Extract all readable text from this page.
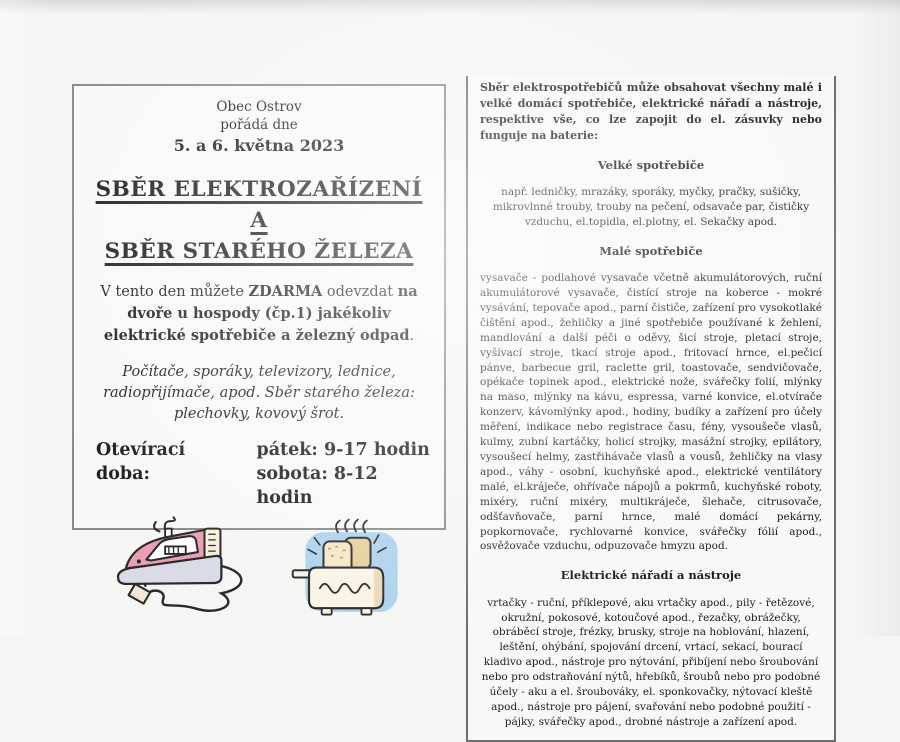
Obec Ostrov
pořádá dne
5. a 6. května 2023
SBĚR ELEKTROZAŘÍZENÍ A
SBĚR STARÉHO ŽELEZA

V tento den můžete ZDARMA odevzdat na dvoře u hospody (čp.1) jakékoliv elektrické spotřebiče a železný odpad.

Počítače, sporáky, televizory, lednice, radiopřijímače, apod. Sběr starého železa: plechovky, kovový šrot.

Otevírací doba:
pátek: 9-17 hodin
sobota: 8-12 hodin

Sběr elektrospotřebičů může obsahovat všechny malé i velké domácí spotřebiče, elektrické nářadí a nástroje, respektive vše, co lze zapojit do el. zásuvky nebo funguje na baterie:

Velké spotřebiče

např. ledničky, mrazáky, sporáky, myčky, pračky, sušičky, mikrovlnné trouby, trouby na pečení, odsavače par, čističky vzduchu, el.topidla, el.plotny, el. Sekačky apod.

Malé spotřebiče

vysavače - podlahové vysavače včetně akumulátorových, ruční akumulátorové vysavače, čistící stroje na koberce - mokré vysávání, tepovače apod., parní čističe, zařízení pro vysokotlaké čištění apod., žehličky a jiné spotřebiče používané k žehlení, mandlování a další péči o oděvy, šicí stroje, pletací stroje, vyšívací stroje, tkací stroje apod., fritovací hrnce, el.pečicí pánve, barbecue gril, raclette gril, toastovače, sendvičovače, opékače topinek apod., elektrické nože, svářečky folií, mlýnky na maso, mlýnky na kávu, espressa, varné konvice, el.otvírače konzerv, kávomlýnky apod., hodiny, budíky a zařízení pro účely měření, indikace nebo registrace času, fény, vysoušeče vlasů, kulmy, zubní kartáčky, holicí strojky, masážní strojky, epilátory, vysoušecí helmy, zastřihávače vlasů a vousů, žehličky na vlasy apod., váhy - osobní, kuchyňské apod., elektrické ventilátory malé, el.kráječe, ohřívače nápojů a pokrmů, kuchyňské roboty, mixéry, ruční mixéry, multikráječe, šlehače, citrusovače, odšťavňovače, parní hrnce, malé domácí pekárny, popkornovače, rychlovarné konvice, svářečky fólií apod., osvěžovače vzduchu, odpuzovače hmyzu apod.

Elektrické nářadí a nástroje

vrtačky - ruční, příklepové, aku vrtačky apod., pily - řetězové, okružní, pokosové, kotoučové apod., řezačky, obrážečky, obráběcí stroje, frézky, brusky, stroje na hoblování, hlazení, leštění, ohýbání, spojování drcení, vrtací, sekací, bourací kladivo apod., nástroje pro nýtování, přibíjení nebo šroubování nebo pro odstraňování nýtů, hřebíků, šroubů nebo pro podobné účely - aku a el. šroubováky, el. sponkovačky, nýtovací kleště apod., nástroje pro pájení, svařování nebo podobné použití - pájky, svářečky apod., drobné nástroje a zařízení apod.
